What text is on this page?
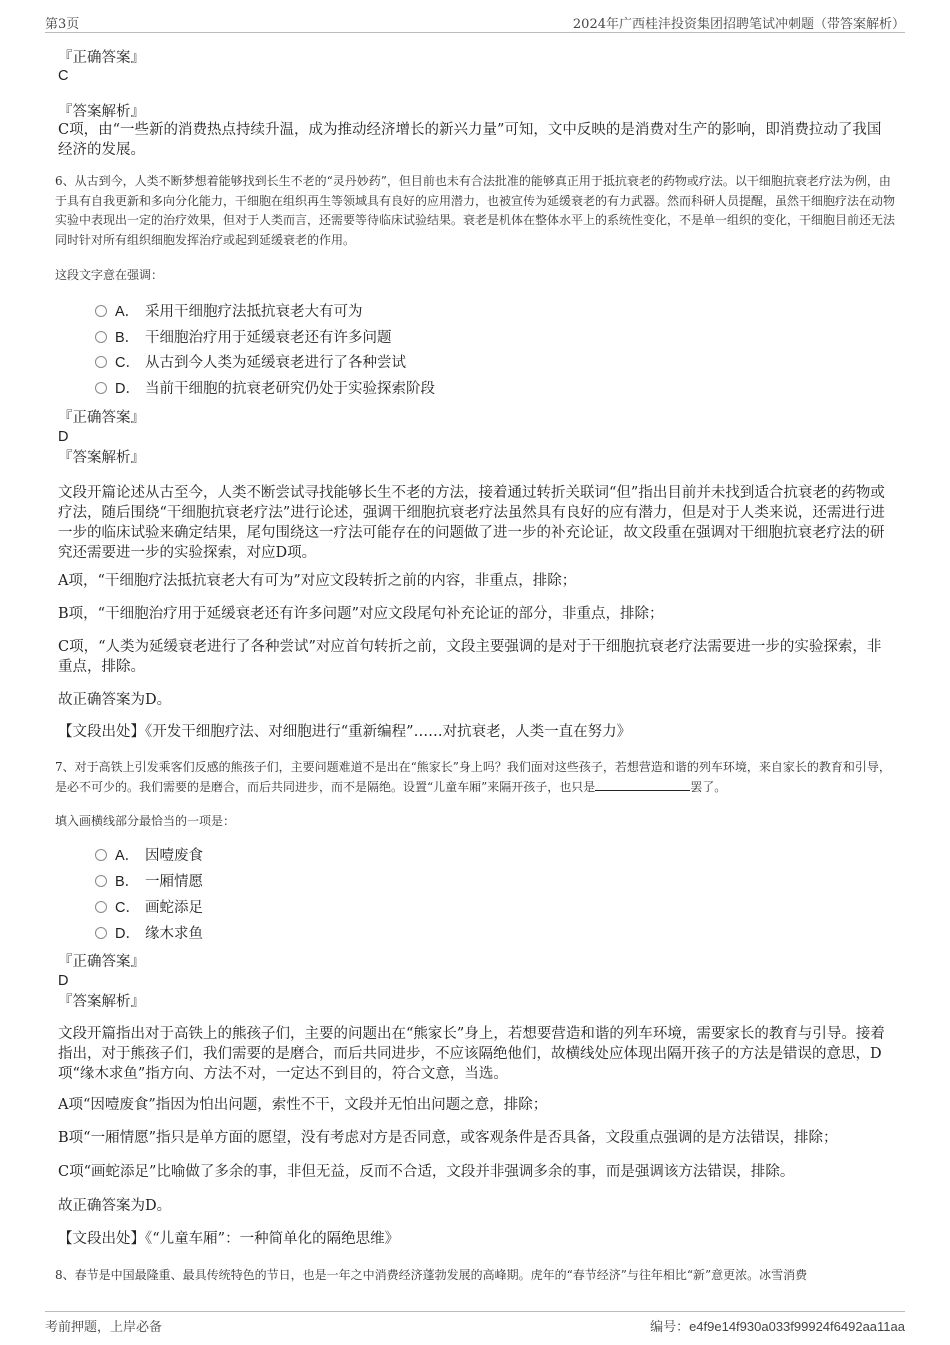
第3页	2024年广西桂沣投资集团招聘笔试冲刺题（带答案解析）
『正确答案』
C
『答案解析』
C项，由“一些新的消费热点持续升温，成为推动经济增长的新兴力量”可知，文中反映的是消费对生产的影响，即消费拉动了我国经济的发展。
6、从古到今，人类不断梦想着能够找到长生不老的“灵丹妙药”，但目前也未有合法批准的能够真正用于抵抗衰老的药物或疗法。以干细胞抗衰老疗法为例，由于具有自我更新和多向分化能力，干细胞在组织再生等领域具有良好的应用潜力，也被宣传为延缓衰老的有力武器。然而科研人员提醒，虽然干细胞疗法在动物实验中表现出一定的治疗效果，但对于人类而言，还需要等待临床试验结果。衰老是机体在整体水平上的系统性变化，不是单一组织的变化，干细胞目前还无法同时针对所有组织细胞发挥治疗或起到延缓衰老的作用。
这段文字意在强调：
A． 采用干细胞疗法抵抗衰老大有可为
B． 干细胞治疗用于延缓衰老还有许多问题
C． 从古到今人类为延缓衰老进行了各种尝试
D． 当前干细胞的抗衰老研究仍处于实验探索阶段
『正确答案』
D
『答案解析』
文段开篇论述从古至今，人类不断尝试寻找能够长生不老的方法，接着通过转折关联词“但”指出目前并未找到适合抗衰老的药物或疗法，随后围绕“干细胞抗衰老疗法”进行论述，强调干细胞抗衰老疗法虽然具有良好的应有潜力，但是对于人类来说，还需进行进一步的临床试验来确定结果，尾句围绕这一疗法可能存在的问题做了进一步的补充论证，故文段重在强调对干细胞抗衰老疗法的研究还需要进一步的实验探索，对应D项。
A项，“干细胞疗法抵抗衰老大有可为”对应文段转折之前的内容，非重点，排除；
B项，“干细胞治疗用于延缓衰老还有许多问题”对应文段尾句补充论证的部分，非重点，排除；
C项，“人类为延缓衰老进行了各种尝试”对应首句转折之前，文段主要强调的是对于干细胞抗衰老疗法需要进一步的实验探索，非重点，排除。
故正确答案为D。
【文段出处】《开发干细胞疗法、对细胞进行“重新编程”……对抗衰老，人类一直在努力》
7、对于高铁上引发乘客们反感的熊孩子们，主要问题难道不是出在“熊家长”身上吗？我们面对这些孩子，若想营造和谐的列车环境，来自家长的教育和引导，是必不可少的。我们需要的是磨合，而后共同进步，而不是隔绝。设置“儿童车厢”来隔开孩子，也只是	罢了。
填入画横线部分最恰当的一项是：
A． 因噎废食
B． 一厢情愿
C． 画蛇添足
D． 缘木求鱼
『正确答案』
D
『答案解析』
文段开篇指出对于高铁上的熊孩子们，主要的问题出在“熊家长”身上，若想要营造和谐的列车环境，需要家长的教育与引导。接着指出，对于熊孩子们，我们需要的是磨合，而后共同进步，不应该隔绝他们，故横线处应体现出隔开孩子的方法是错误的意思，D项“缘木求鱼”指方向、方法不对，一定达不到目的，符合文意，当选。
A项“因噎废食”指因为怕出问题，索性不干，文段并无怕出问题之意，排除；
B项“一厢情愿”指只是单方面的愿望，没有考虑对方是否同意，或客观条件是否具备，文段重点强调的是方法错误，排除；
C项“画蛇添足”比喻做了多余的事，非但无益，反而不合适，文段并非强调多余的事，而是强调该方法错误，排除。
故正确答案为D。
【文段出处】《“儿童车厢”：一种简单化的隔绝思维》
8、春节是中国最隆重、最具传统特色的节日，也是一年之中消费经济蓬勃发展的高峰期。虎年的“春节经济”与往年相比“新”意更浓。冰雪消费
考前押题，上岸必备	编号：e4f9e14f930a033f99924f6492aa11aa
